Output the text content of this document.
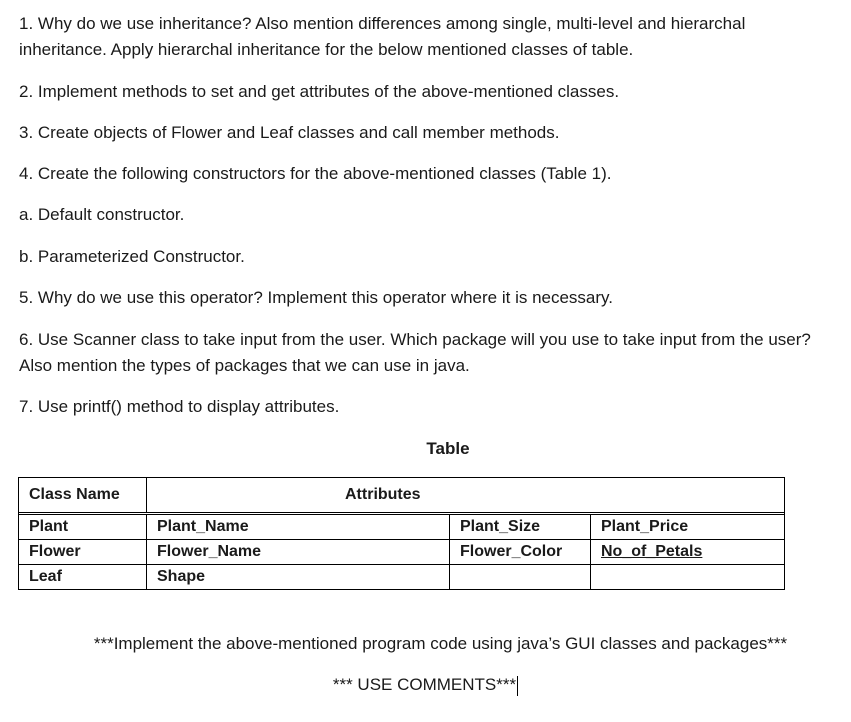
1. Why do we use inheritance? Also mention differences among single, multi-level and hierarchal inheritance. Apply hierarchal inheritance for the below mentioned classes of table.

2. Implement methods to set and get attributes of the above-mentioned classes.

3. Create objects of Flower and Leaf classes and call member methods.

4. Create the following constructors for the above-mentioned classes (Table 1).

a. Default constructor.

b. Parameterized Constructor.

5. Why do we use this operator? Implement this operator where it is necessary.

6. Use Scanner class to take input from the user. Which package will you use to take input from the user? Also mention the types of packages that we can use in java.

7. Use printf() method to display attributes.

Table
Class Name	Attributes		

Plant	Plant_Name	Plant_Size	Plant_Price
Flower	Flower_Name	Flower_Color	No_of_Petals
Leaf	Shape		

***Implement the above-mentioned program code using java’s GUI classes and packages***

*** USE COMMENTS***
